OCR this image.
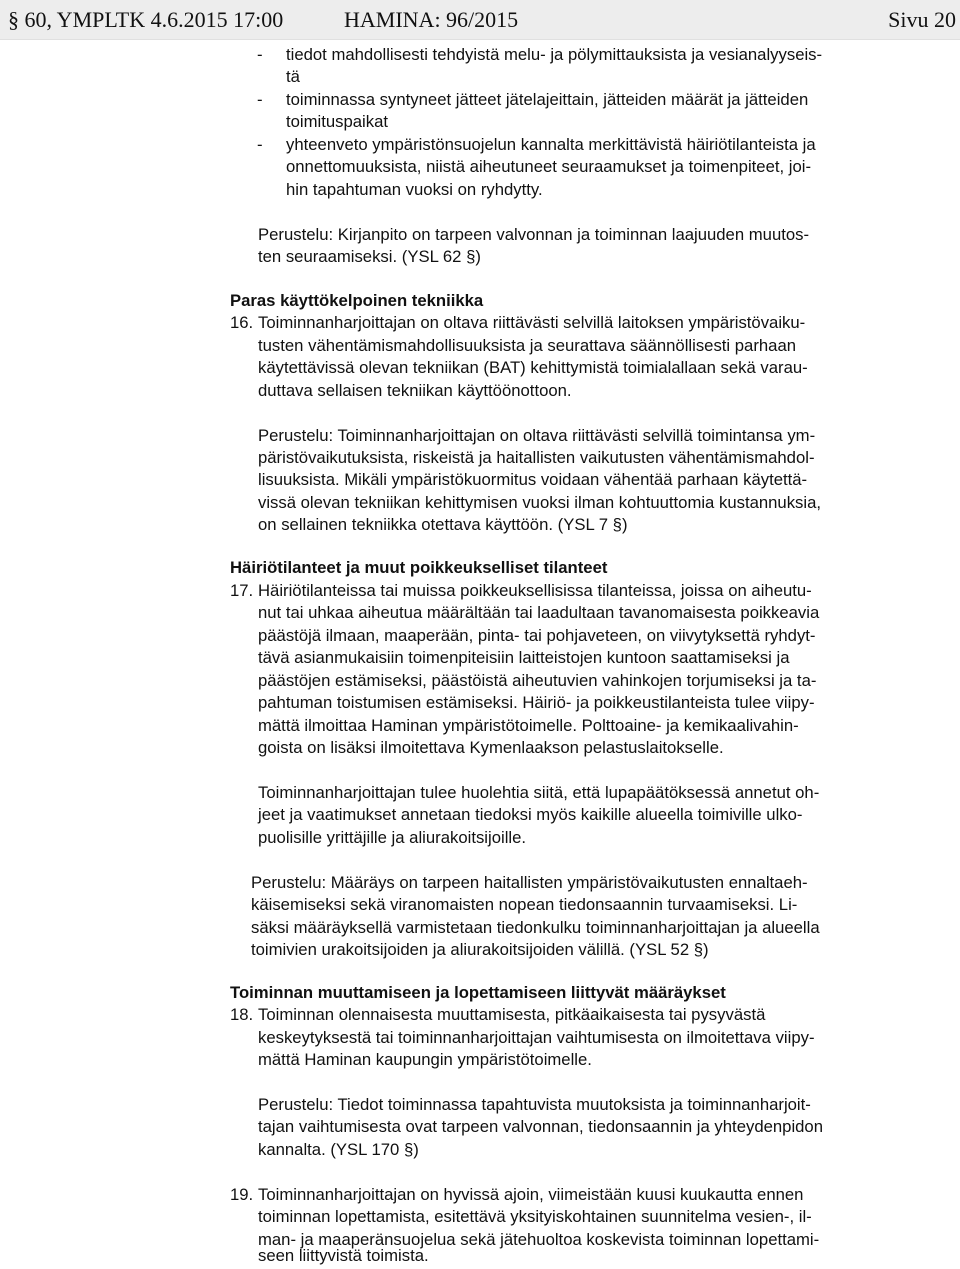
§ 60, YMPLTK 4.6.2015 17:00	HAMINA: 96/2015	Sivu 20
- tiedot mahdollisesti tehdyistä melu- ja pölymittauksista ja vesianalyyseis-
tä
- toiminnassa syntyneet jätteet jätelajeittain, jätteiden määrät ja jätteiden
toimituspaikat
- yhteenveto ympäristönsuojelun kannalta merkittävistä häiriötilanteista ja
onnettomuuksista, niistä aiheutuneet seuraamukset ja toimenpiteet, joi-
hin tapahtuman vuoksi on ryhdytty.
Perustelu: Kirjanpito on tarpeen valvonnan ja toiminnan laajuuden muutos-
ten seuraamiseksi. (YSL 62 §)
Paras käyttökelpoinen tekniikka
16. Toiminnanharjoittajan on oltava riittävästi selvillä laitoksen ympäristövaiku-
tusten vähentämismahdollisuuksista ja seurattava säännöllisesti parhaan
käytettävissä olevan tekniikan (BAT) kehittymistä toimialallaan sekä varau-
duttava sellaisen tekniikan käyttöönottoon.
Perustelu: Toiminnanharjoittajan on oltava riittävästi selvillä toimintansa ym-
päristövaikutuksista, riskeistä ja haitallisten vaikutusten vähentämismahdol-
lisuuksista. Mikäli ympäristökuormitus voidaan vähentää parhaan käytettä-
vissä olevan tekniikan kehittymisen vuoksi ilman kohtuuttomia kustannuksia,
on sellainen tekniikka otettava käyttöön. (YSL 7 §)
Häiriötilanteet ja muut poikkeukselliset tilanteet
17. Häiriötilanteissa tai muissa poikkeuksellisissa tilanteissa, joissa on aiheutu-
nut tai uhkaa aiheutua määrältään tai laadultaan tavanomaisesta poikkeavia
päästöjä ilmaan, maaperään, pinta- tai pohjaveteen, on viivytyksettä ryhdyt-
tävä asianmukaisiin toimenpiteisiin laitteistojen kuntoon saattamiseksi ja
päästöjen estämiseksi, päästöistä aiheutuvien vahinkojen torjumiseksi ja ta-
pahtuman toistumisen estämiseksi. Häiriö- ja poikkeustilanteista tulee viipy-
mättä ilmoittaa Haminan ympäristötoimelle. Polttoaine- ja kemikaalivahin-
goista on lisäksi ilmoitettava Kymenlaakson pelastuslaitokselle.
Toiminnanharjoittajan tulee huolehtia siitä, että lupapäätöksessä annetut oh-
jeet ja vaatimukset annetaan tiedoksi myös kaikille alueella toimiville ulko-
puolisille yrittäjille ja aliurakoitsijoille.
Perustelu: Määräys on tarpeen haitallisten ympäristövaikutusten ennaltaeh-
käisemiseksi sekä viranomaisten nopean tiedonsaannin turvaamiseksi. Li-
säksi määräyksellä varmistetaan tiedonkulku toiminnanharjoittajan ja alueella
toimivien urakoitsijoiden ja aliurakoitsijoiden välillä. (YSL 52 §)
Toiminnan muuttamiseen ja lopettamiseen liittyvät määräykset
18. Toiminnan olennaisesta muuttamisesta, pitkäaikaisesta tai pysyvästä
keskeytyksestä tai toiminnanharjoittajan vaihtumisesta on ilmoitettava viipy-
mättä Haminan kaupungin ympäristötoimelle.
Perustelu: Tiedot toiminnassa tapahtuvista muutoksista ja toiminnanharjoit-
tajan vaihtumisesta ovat tarpeen valvonnan, tiedonsaannin ja yhteydenpidon
kannalta. (YSL 170 §)
19. Toiminnanharjoittajan on hyvissä ajoin, viimeistään kuusi kuukautta ennen
toiminnan lopettamista, esitettävä yksityiskohtainen suunnitelma vesien-, il-
man- ja maaperänsuojelua sekä jätehuoltoa koskevista toiminnan lopettami-
seen liittyvistä toimista.
